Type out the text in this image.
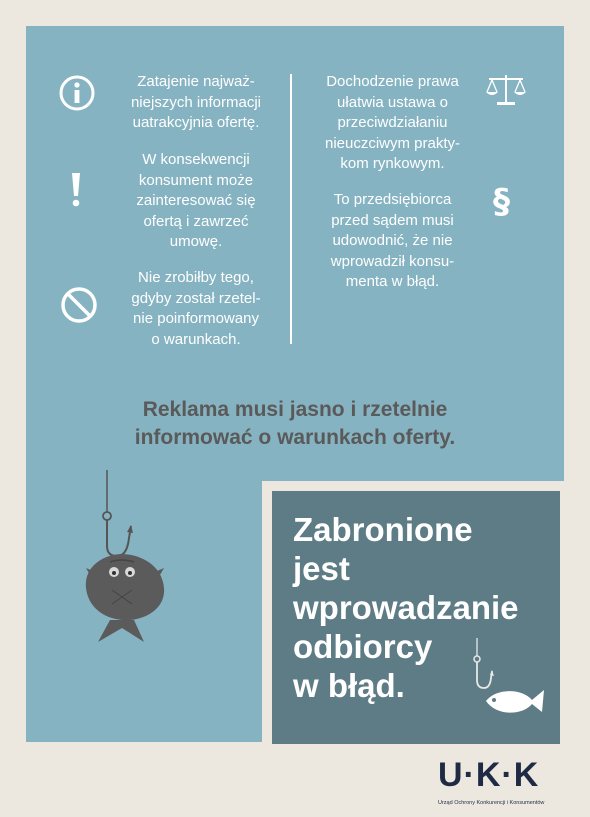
Zatajenie najważ-
niejszych informacji
uatrakcyjnia ofertę.
W konsekwencji
konsument może
zainteresować się
ofertą i zawrzeć
umowę.
Nie zrobiłby tego,
gdyby został rzetel-
nie poinformowany
o warunkach.
Dochodzenie prawa
ułatwia ustawa o
przeciwdziałaniu
nieuczciwym prakty-
kom rynkowym.
To przedsiębiorca
przed sądem musi
udowodnić, że nie
wprowadził konsu-
menta w błąd.
§
Reklama musi jasno i rzetelnie
informować o warunkach oferty.
Zabronione
jest
wprowadzanie
odbiorcy
w błąd.
U·K·K
Urząd Ochrony Konkurencji i Konsumentów
